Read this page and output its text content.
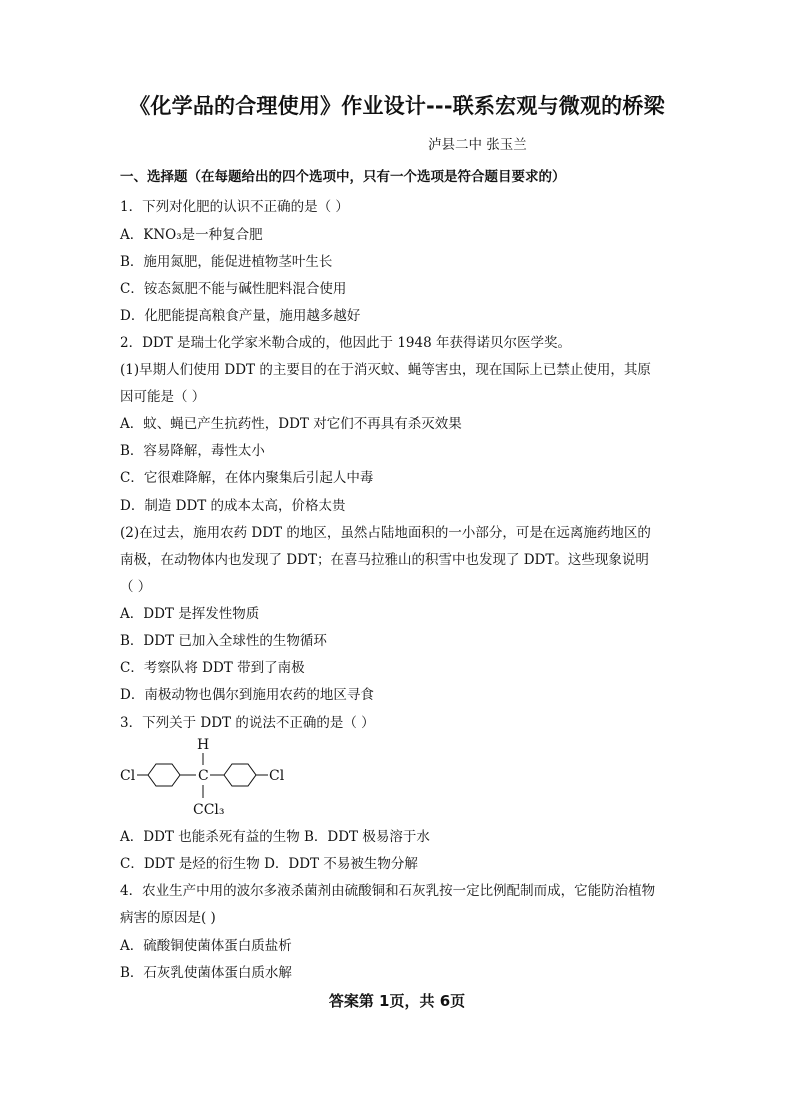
《化学品的合理使用》作业设计---联系宏观与微观的桥梁
泸县二中 张玉兰
一、选择题（在每题给出的四个选项中，只有一个选项是符合题目要求的）
1．下列对化肥的认识不正确的是（ ）
A．KNO₃是一种复合肥
B．施用氮肥，能促进植物茎叶生长
C．铵态氮肥不能与碱性肥料混合使用
D．化肥能提高粮食产量，施用越多越好
2．DDT 是瑞士化学家米勒合成的，他因此于 1948 年获得诺贝尔医学奖。
(1)早期人们使用 DDT 的主要目的在于消灭蚊、蝇等害虫，现在国际上已禁止使用，其原
因可能是（ ）
A．蚊、蝇已产生抗药性，DDT 对它们不再具有杀灭效果
B．容易降解，毒性太小
C．它很难降解，在体内聚集后引起人中毒
D．制造 DDT 的成本太高，价格太贵
(2)在过去，施用农药 DDT 的地区，虽然占陆地面积的一小部分，可是在远离施药地区的
南极，在动物体内也发现了 DDT；在喜马拉雅山的积雪中也发现了 DDT。这些现象说明
（ ）
A．DDT 是挥发性物质
B．DDT 已加入全球性的生物循环
C．考察队将 DDT 带到了南极
D．南极动物也偶尔到施用农药的地区寻食
3．下列关于 DDT 的说法不正确的是（ ）
H
Cl	C	Cl
CCl₃
A．DDT 也能杀死有益的生物 B．DDT 极易溶于水
C．DDT 是烃的衍生物 D．DDT 不易被生物分解
4．农业生产中用的波尔多液杀菌剂由硫酸铜和石灰乳按一定比例配制而成，它能防治植物
病害的原因是( )
A．硫酸铜使菌体蛋白质盐析
B．石灰乳使菌体蛋白质水解
答案第 1页，共 6页
